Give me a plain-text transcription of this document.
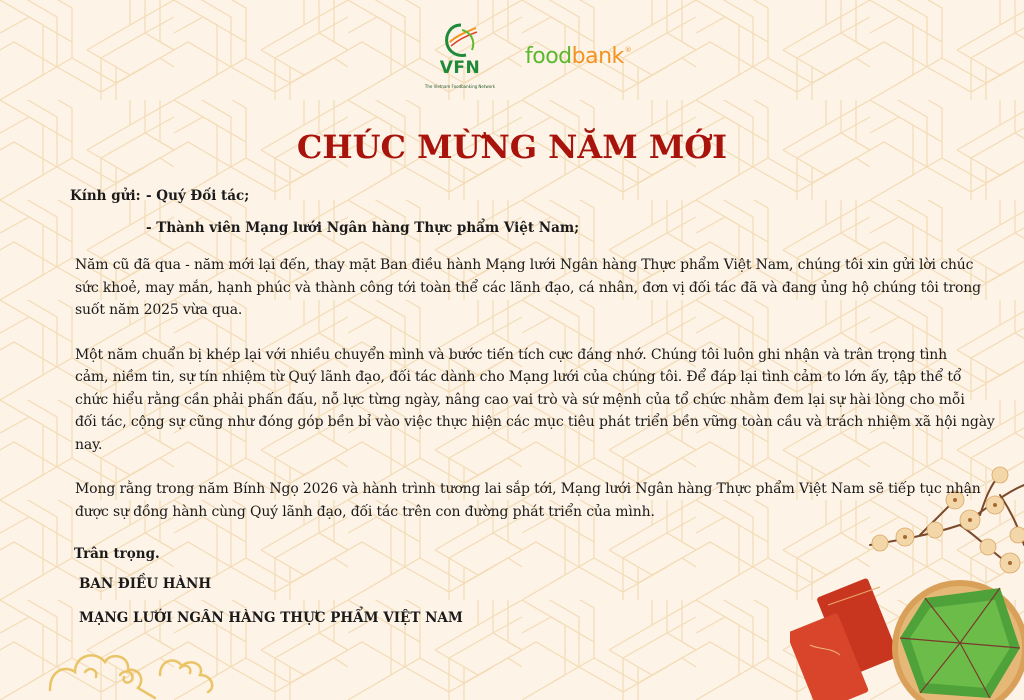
VFN
The Vietnam Foodbanking Network
food bank ®
CHÚC MỪNG NĂM MỚI
Kính gửi: - Quý Đối tác;
- Thành viên Mạng lưới Ngân hàng Thực phẩm Việt Nam;

Năm cũ đã qua - năm mới lại đến, thay mặt Ban điều hành Mạng lưới Ngân hàng Thực phẩm Việt Nam, chúng tôi xin gửi lời chúc
sức khoẻ, may mắn, hạnh phúc và thành công tới toàn thể các lãnh đạo, cá nhân, đơn vị đối tác đã và đang ủng hộ chúng tôi trong
suốt năm 2025 vừa qua.

Một năm chuẩn bị khép lại với nhiều chuyển mình và bước tiến tích cực đáng nhớ. Chúng tôi luôn ghi nhận và trân trọng tình
cảm, niềm tin, sự tín nhiệm từ Quý lãnh đạo, đối tác dành cho Mạng lưới của chúng tôi. Để đáp lại tình cảm to lớn ấy, tập thể tổ
chức hiểu rằng cần phải phấn đấu, nỗ lực từng ngày, nâng cao vai trò và sứ mệnh của tổ chức nhằm đem lại sự hài lòng cho mỗi
đối tác, cộng sự cũng như đóng góp bền bỉ vào việc thực hiện các mục tiêu phát triển bền vững toàn cầu và trách nhiệm xã hội ngày
nay.

Mong rằng trong năm Bính Ngọ 2026 và hành trình tương lai sắp tới, Mạng lưới Ngân hàng Thực phẩm Việt Nam sẽ tiếp tục nhận
được sự đồng hành cùng Quý lãnh đạo, đối tác trên con đường phát triển của mình.

Trân trọng.
BAN ĐIỀU HÀNH
MẠNG LƯỚI NGÂN HÀNG THỰC PHẨM VIỆT NAM
